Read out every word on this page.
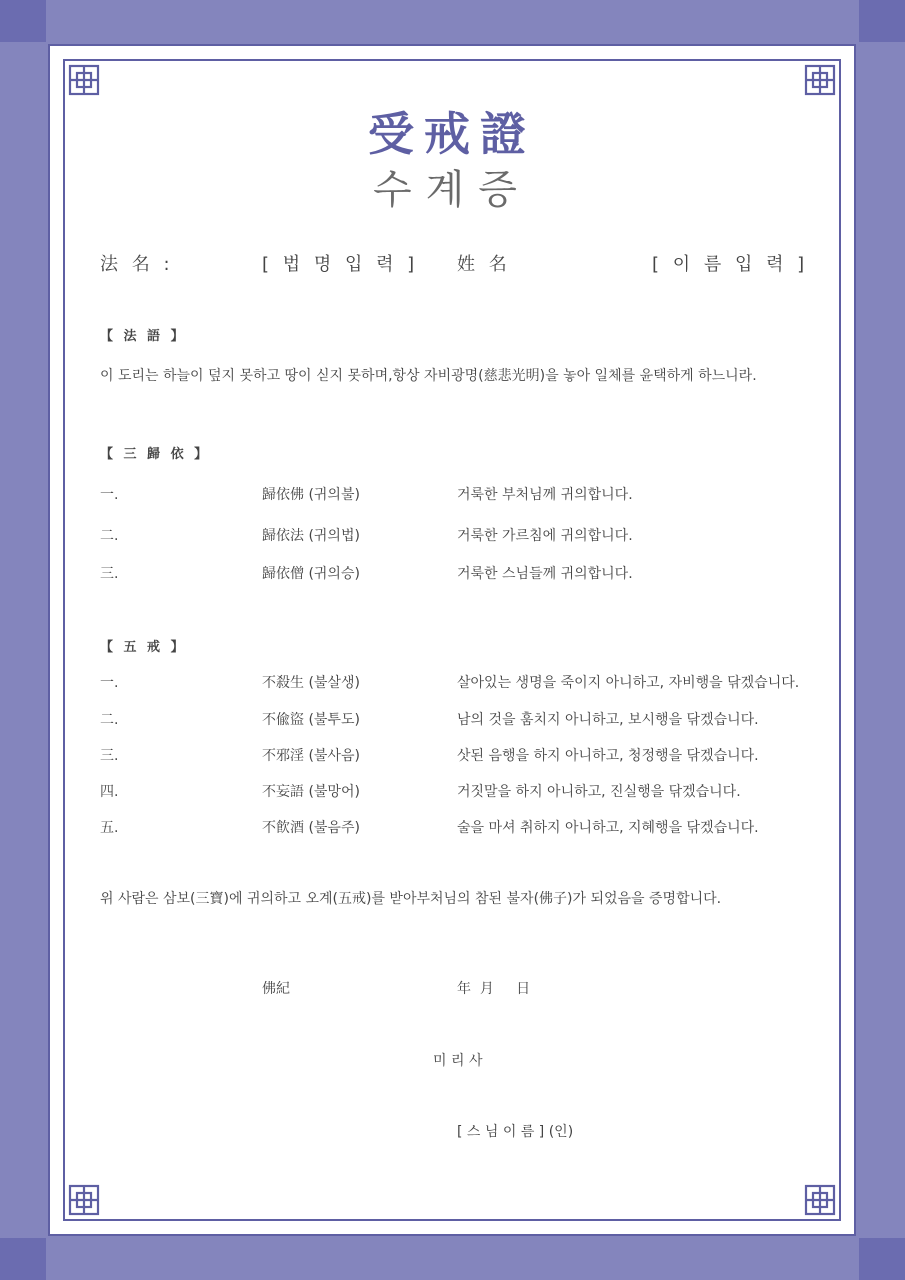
受戒證
수계증
法 名 :	[ 법 명 입 력 ] 姓 名	[ 이 름 입 력 ]
【 法 語 】
이 도리는 하늘이 덮지 못하고 땅이 싣지 못하며,항상 자비광명(慈悲光明)을 놓아 일체를 윤택하게 하느니라.
【 三 歸 依 】
一.	歸依佛 (귀의불)	거룩한 부처님께 귀의합니다.
二.	歸依法 (귀의법)	거룩한 가르침에 귀의합니다.
三.	歸依僧 (귀의승)	거룩한 스님들께 귀의합니다.
【 五 戒 】
一.	不殺生 (불살생)	살아있는 생명을 죽이지 아니하고, 자비행을 닦겠습니다.
二.	不偸盜 (불투도)	남의 것을 훔치지 아니하고, 보시행을 닦겠습니다.
三.	不邪淫 (불사음)	삿된 음행을 하지 아니하고, 청정행을 닦겠습니다.
四.	不妄語 (불망어)	거짓말을 하지 아니하고, 진실행을 닦겠습니다.
五.	不飮酒 (불음주)	술을 마셔 취하지 아니하고, 지혜행을 닦겠습니다.
위 사람은 삼보(三寶)에 귀의하고 오계(五戒)를 받아부처님의 참된 불자(佛子)가 되었음을 증명합니다.
佛紀	年  月     日
미 리 사
[ 스 님 이 름 ] (인)
